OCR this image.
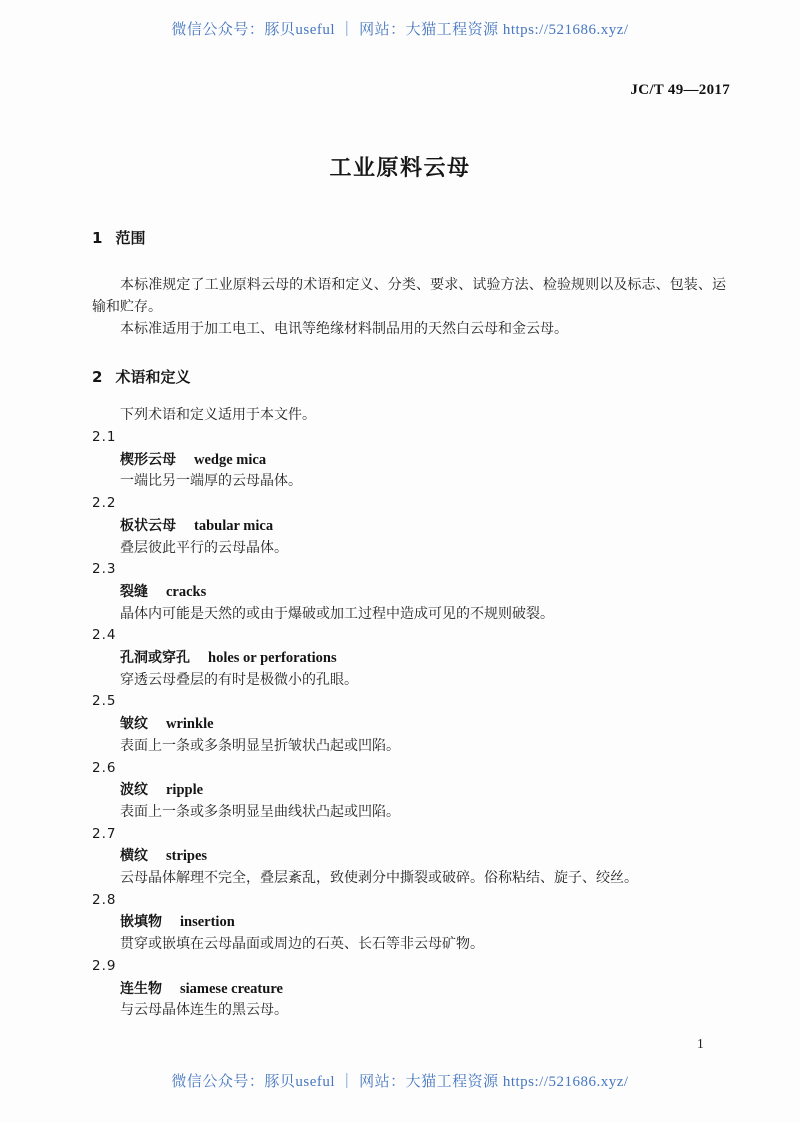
微信公众号：豚贝useful ｜ 网站：大猫工程资源 https://521686.xyz/
JC/T 49—2017
工业原料云母
1 范围

本标准规定了工业原料云母的术语和定义、分类、要求、试验方法、检验规则以及标志、包装、运输和贮存。

本标准适用于加工电工、电讯等绝缘材料制品用的天然白云母和金云母。

2 术语和定义

下列术语和定义适用于本文件。

2.1
楔形云母 wedge mica
一端比另一端厚的云母晶体。
2.2
板状云母 tabular mica
叠层彼此平行的云母晶体。
2.3
裂缝 cracks
晶体内可能是天然的或由于爆破或加工过程中造成可见的不规则破裂。
2.4
孔洞或穿孔 holes or perforations
穿透云母叠层的有时是极微小的孔眼。
2.5
皱纹 wrinkle
表面上一条或多条明显呈折皱状凸起或凹陷。
2.6
波纹 ripple
表面上一条或多条明显呈曲线状凸起或凹陷。
2.7
横纹 stripes
云母晶体解理不完全，叠层紊乱，致使剥分中撕裂或破碎。俗称粘结、旋子、绞丝。
2.8
嵌填物 insertion
贯穿或嵌填在云母晶面或周边的石英、长石等非云母矿物。
2.9
连生物 siamese creature
与云母晶体连生的黑云母。
1
微信公众号：豚贝useful ｜ 网站：大猫工程资源 https://521686.xyz/
